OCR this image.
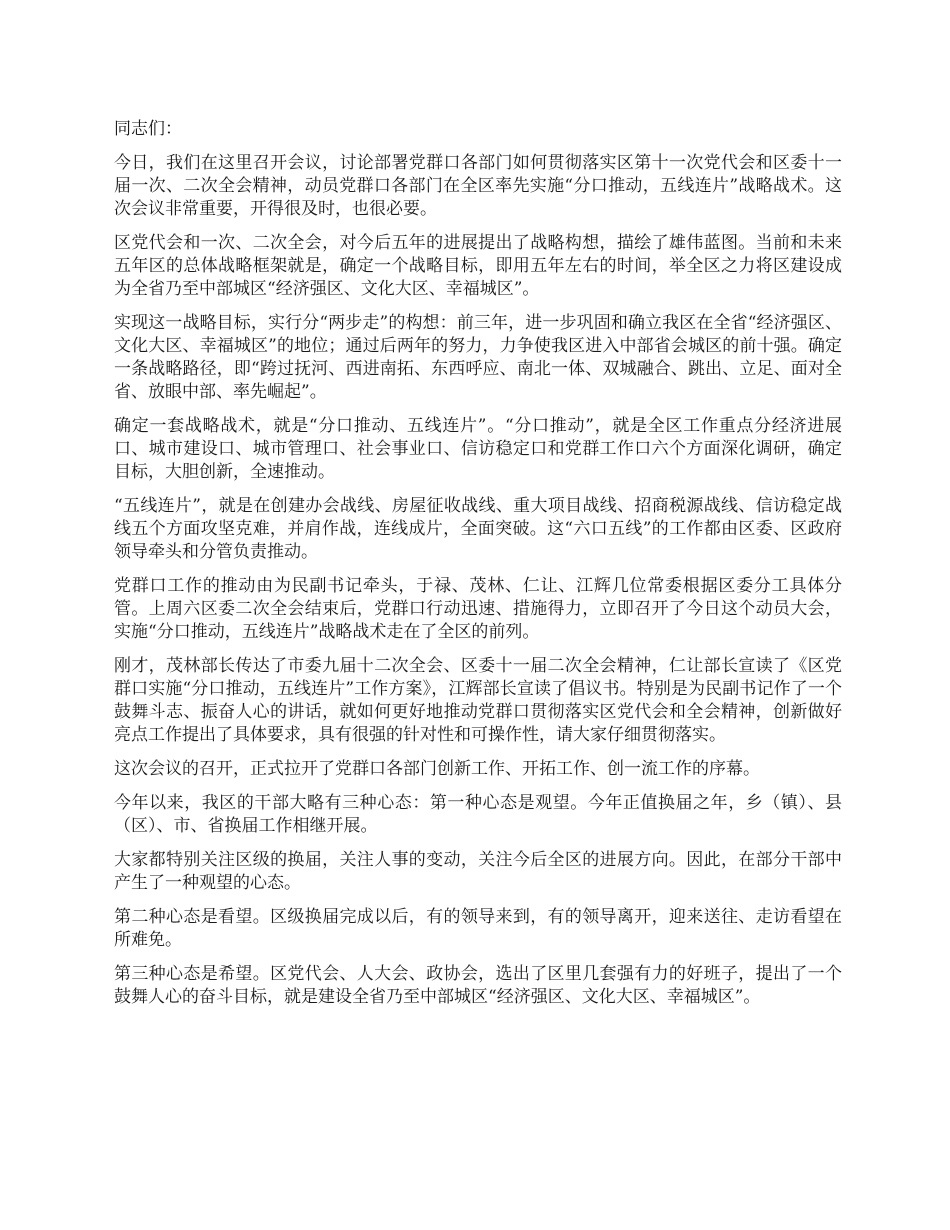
同志们：

今日，我们在这里召开会议，讨论部署党群口各部门如何贯彻落实区第十一次党代会和区委十一届一次、二次全会精神，动员党群口各部门在全区率先实施“分口推动，五线连片”战略战术。这次会议非常重要，开得很及时，也很必要。

区党代会和一次、二次全会，对今后五年的进展提出了战略构想，描绘了雄伟蓝图。当前和未来五年区的总体战略框架就是，确定一个战略目标，即用五年左右的时间，举全区之力将区建设成为全省乃至中部城区“经济强区、文化大区、幸福城区”。

实现这一战略目标，实行分“两步走”的构想：前三年，进一步巩固和确立我区在全省“经济强区、文化大区、幸福城区”的地位；通过后两年的努力，力争使我区进入中部省会城区的前十强。确定一条战略路径，即“跨过抚河、西进南拓、东西呼应、南北一体、双城融合、跳出、立足、面对全省、放眼中部、率先崛起”。

确定一套战略战术，就是“分口推动、五线连片”。“分口推动”，就是全区工作重点分经济进展口、城市建设口、城市管理口、社会事业口、信访稳定口和党群工作口六个方面深化调研，确定目标，大胆创新，全速推动。

“五线连片”，就是在创建办会战线、房屋征收战线、重大项目战线、招商税源战线、信访稳定战线五个方面攻坚克难，并肩作战，连线成片，全面突破。这“六口五线”的工作都由区委、区政府领导牵头和分管负责推动。

党群口工作的推动由为民副书记牵头，于禄、茂林、仁让、江辉几位常委根据区委分工具体分管。上周六区委二次全会结束后，党群口行动迅速、措施得力，立即召开了今日这个动员大会，实施“分口推动，五线连片”战略战术走在了全区的前列。

刚才，茂林部长传达了市委九届十二次全会、区委十一届二次全会精神，仁让部长宣读了《区党群口实施“分口推动，五线连片”工作方案》，江辉部长宣读了倡议书。特别是为民副书记作了一个鼓舞斗志、振奋人心的讲话，就如何更好地推动党群口贯彻落实区党代会和全会精神，创新做好亮点工作提出了具体要求，具有很强的针对性和可操作性，请大家仔细贯彻落实。

这次会议的召开，正式拉开了党群口各部门创新工作、开拓工作、创一流工作的序幕。

今年以来，我区的干部大略有三种心态：第一种心态是观望。今年正值换届之年，乡（镇）、县（区）、市、省换届工作相继开展。

大家都特别关注区级的换届，关注人事的变动，关注今后全区的进展方向。因此，在部分干部中产生了一种观望的心态。

第二种心态是看望。区级换届完成以后，有的领导来到，有的领导离开，迎来送往、走访看望在所难免。

第三种心态是希望。区党代会、人大会、政协会，选出了区里几套强有力的好班子，提出了一个鼓舞人心的奋斗目标，就是建设全省乃至中部城区“经济强区、文化大区、幸福城区”。
